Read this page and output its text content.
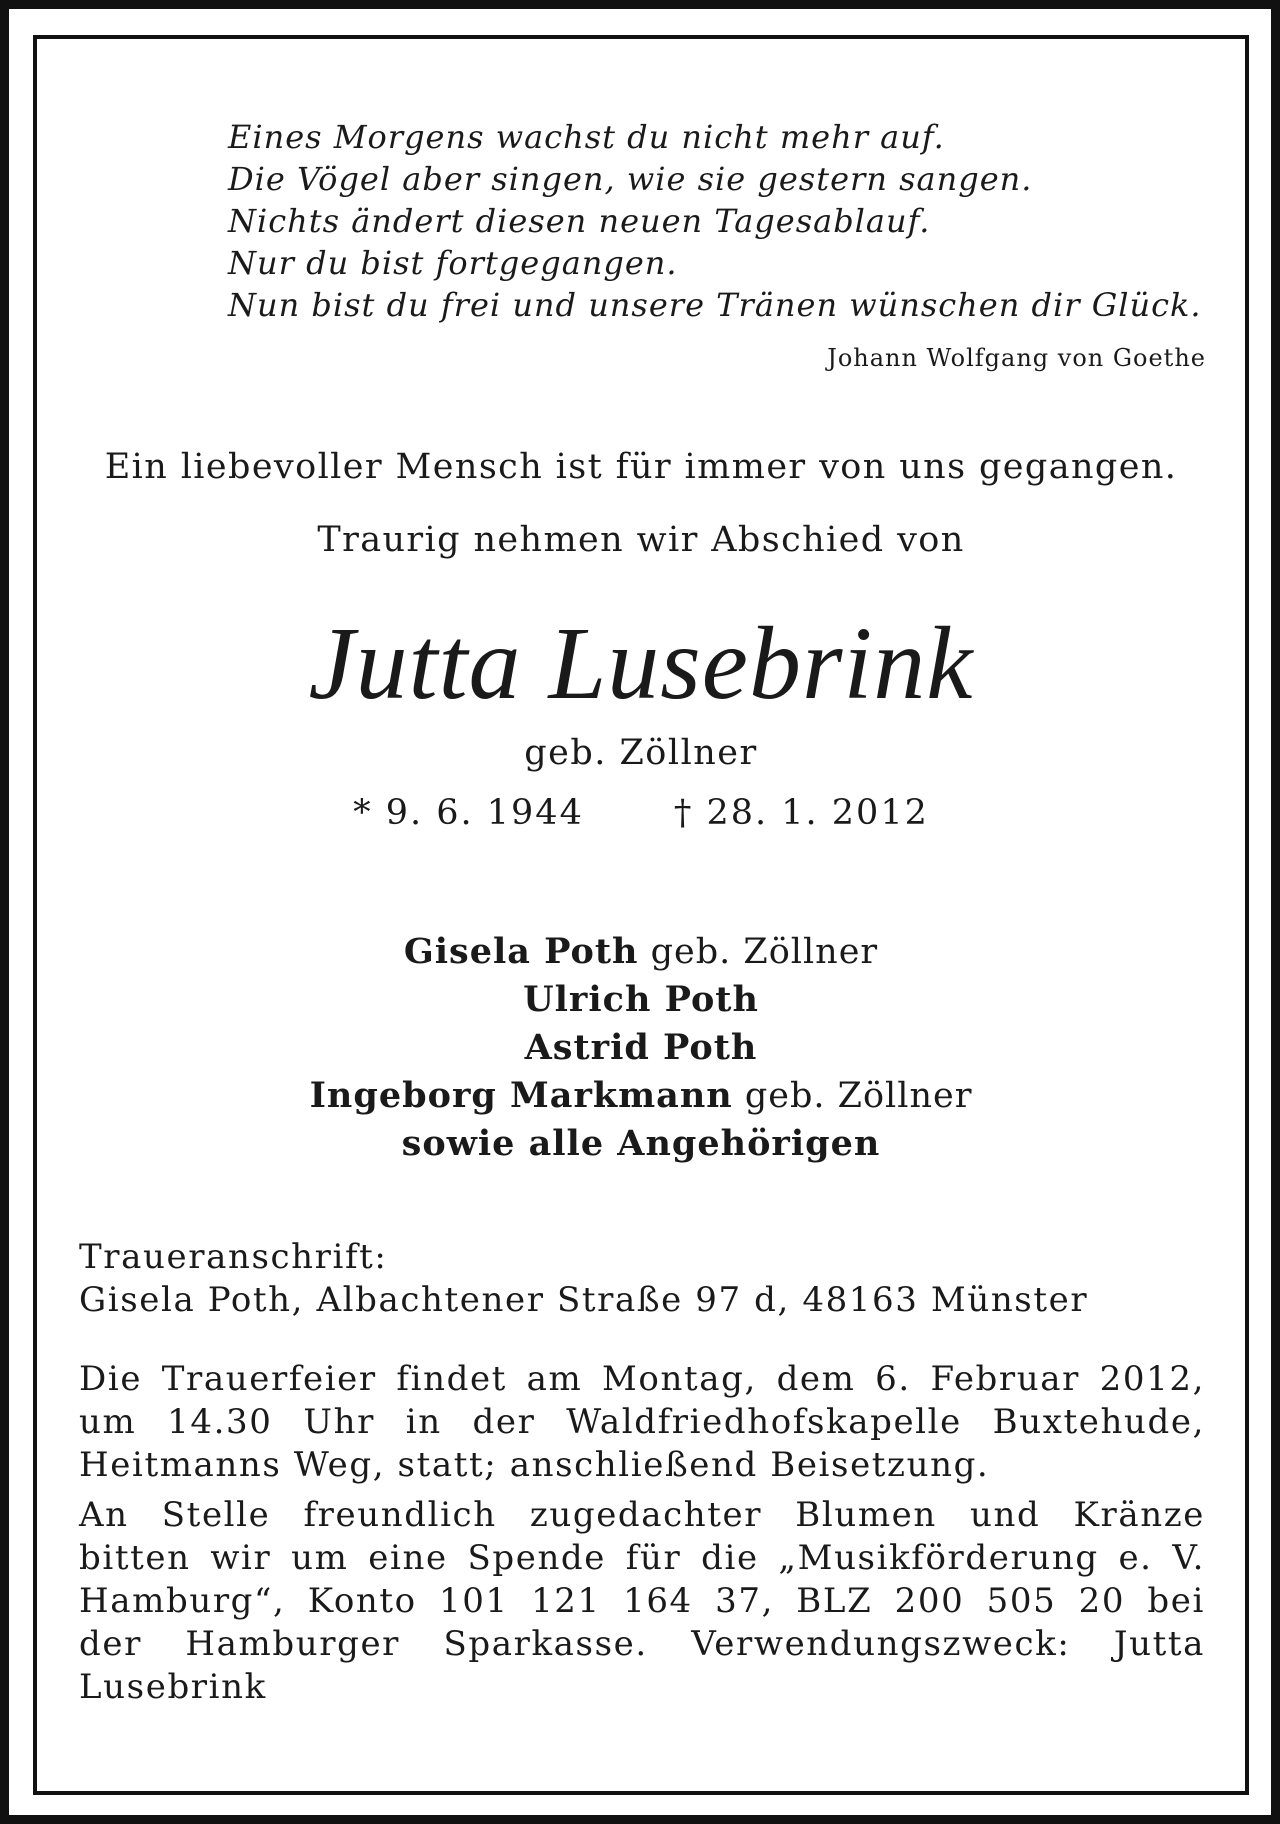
Eines Morgens wachst du nicht mehr auf.
Die Vögel aber singen, wie sie gestern sangen.
Nichts ändert diesen neuen Tagesablauf.
Nur du bist fortgegangen.
Nun bist du frei und unsere Tränen wünschen dir Glück.
Johann Wolfgang von Goethe
Ein liebevoller Mensch ist für immer von uns gegangen.
Traurig nehmen wir Abschied von
Jutta Lusebrink
geb. Zöllner
* 9. 6. 1944	† 28. 1. 2012
Gisela Poth geb. Zöllner
Ulrich Poth
Astrid Poth
Ingeborg Markmann geb. Zöllner
sowie alle Angehörigen
Traueranschrift:
Gisela Poth, Albachtener Straße 97 d, 48163 Münster
Die Trauerfeier findet am Montag, dem 6. Februar 2012, um 14.30 Uhr in der Waldfriedhofskapelle Buxtehude, Heitmanns Weg, statt; anschließend Beisetzung.
An Stelle freundlich zugedachter Blumen und Kränze bitten wir um eine Spende für die „Musikförderung e. V. Hamburg“, Konto 101 121 164 37, BLZ 200 505 20 bei der Hamburger Sparkasse. Verwendungszweck: Jutta Lusebrink
